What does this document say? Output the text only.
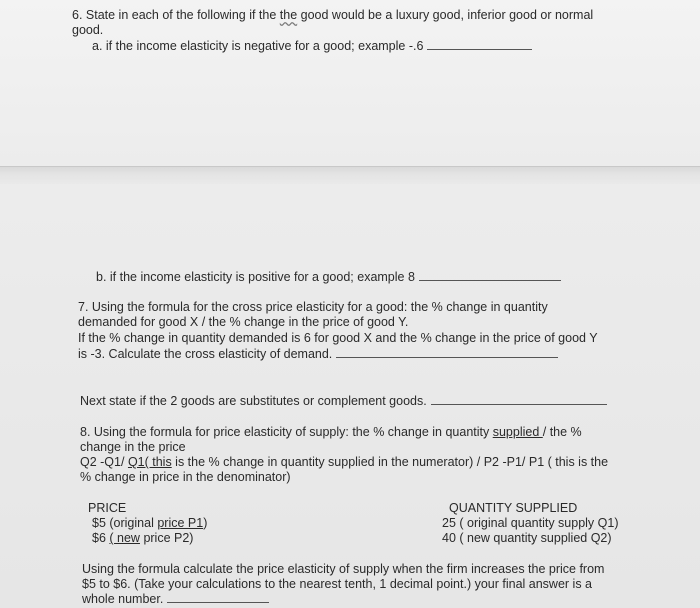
6. State in each of the following if the the good would be a luxury good, inferior good or normal
good.
a. if the income elasticity is negative for a good; example -.6
b. if the income elasticity is positive for a good; example 8
7. Using the formula for the cross price elasticity for a good: the % change in quantity
demanded for good X / the % change in the price of good Y.
If the % change in quantity demanded is 6 for good X and the % change in the price of good Y
is -3. Calculate the cross elasticity of demand.
Next state if the 2 goods are substitutes or complement goods.
8. Using the formula for price elasticity of supply: the % change in quantity supplied / the %
change in the price
Q2 -Q1/ Q1( this is the % change in quantity supplied in the numerator) / P2 -P1/ P1 ( this is the
% change in price in the denominator)
PRICE
$5 (original price P1)
$6 ( new price P2)
QUANTITY SUPPLIED
25 ( original quantity supply Q1)
40 ( new quantity supplied Q2)
Using the formula calculate the price elasticity of supply when the firm increases the price from
$5 to $6. (Take your calculations to the nearest tenth, 1 decimal point.) your final answer is a
whole number.
